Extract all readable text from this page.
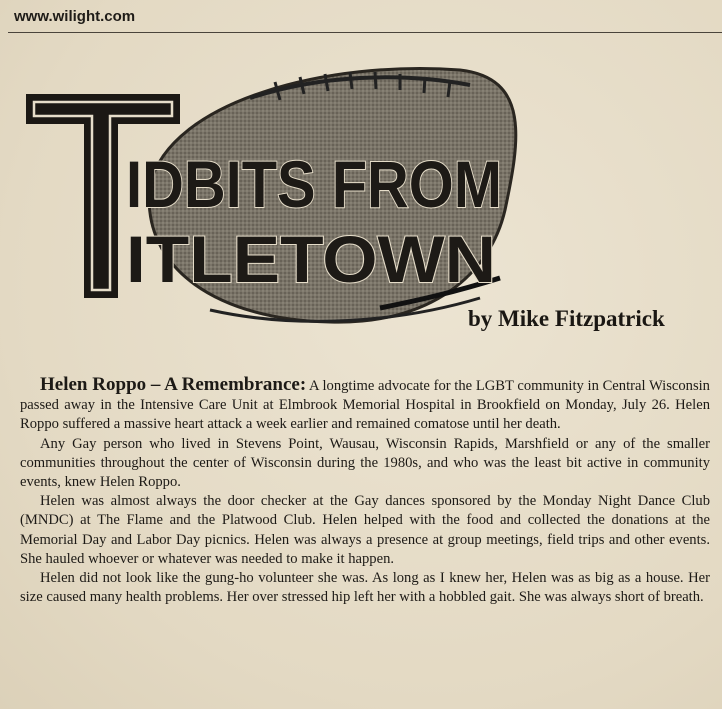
www.wilight.com
IDBITS FROM
ITLETOWN
by Mike Fitzpatrick

Helen Roppo – A Remembrance: A longtime advocate for the LGBT community in Central Wisconsin passed away in the Intensive Care Unit at Elmbrook Memorial Hospital in Brookfield on Monday, July 26. Helen Roppo suffered a massive heart attack a week earlier and remained comatose until her death.

Any Gay person who lived in Stevens Point, Wausau, Wisconsin Rapids, Marshfield or any of the smaller communities throughout the center of Wisconsin during the 1980s, and who was the least bit active in community events, knew Helen Roppo.

Helen was almost always the door checker at the Gay dances sponsored by the Monday Night Dance Club (MNDC) at The Flame and the Platwood Club. Helen helped with the food and collected the donations at the Memorial Day and Labor Day picnics. Helen was always a presence at group meetings, field trips and other events. She hauled whoever or whatever was needed to make it happen.

Helen did not look like the gung-ho volunteer she was. As long as I knew her, Helen was as big as a house. Her size caused many health problems. Her over stressed hip left her with a hobbled gait. She was always short of breath.
